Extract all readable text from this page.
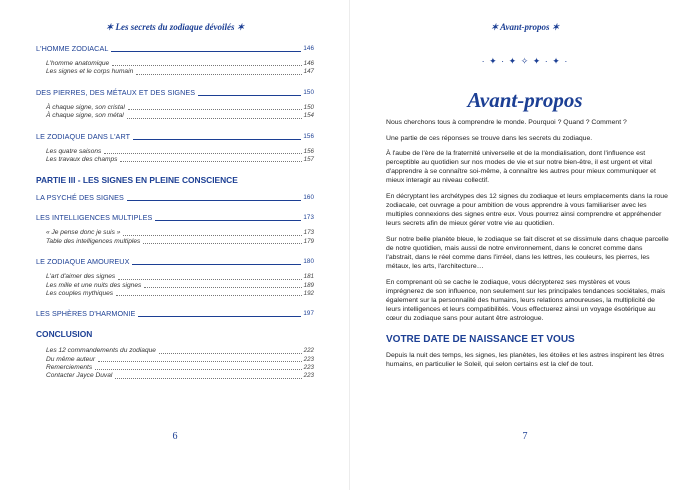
✶ Les secrets du zodiaque dévoilés ✶
L'HOMME ZODIACAL	146
L'homme anatomique	146
Les signes et le corps humain	147
DES PIERRES, DES MÉTAUX ET DES SIGNES	150
À chaque signe, son cristal	150
À chaque signe, son métal	154
LE ZODIAQUE DANS L'ART	156
Les quatre saisons	156
Les travaux des champs	157
PARTIE III - LES SIGNES EN PLEINE CONSCIENCE
LA PSYCHÉ DES SIGNES	160
LES INTELLIGENCES MULTIPLES	173
« Je pense donc je suis »	173
Table des intelligences multiples	179
LE ZODIAQUE AMOUREUX	180
L'art d'aimer des signes	181
Les mille et une nuits des signes	189
Les couples mythiques	192
LES SPHÈRES D'HARMONIE	197
CONCLUSION
Les 12 commandements du zodiaque	222
Du même auteur	223
Remerciements	223
Contacter Jayce Duval	223
6
✶ Avant-propos ✶
· ✦ · ✦ ✧ ✦ · ✦ ·
Avant-propos

Nous cherchons tous à comprendre le monde. Pourquoi ? Quand ? Comment ?

Une partie de ces réponses se trouve dans les secrets du zodiaque.

À l'aube de l'ère de la fraternité universelle et de la mondialisation, dont l'influence est perceptible au quotidien sur nos modes de vie et sur notre bien-être, il est urgent et vital d'apprendre à se connaître soi-même, à connaître les autres pour mieux communiquer et mieux interagir au niveau collectif.

En décryptant les archétypes des 12 signes du zodiaque et leurs emplacements dans la roue zodiacale, cet ouvrage a pour ambition de vous apprendre à vous familiariser avec les multiples connexions des signes entre eux. Vous pourrez ainsi comprendre et appréhender leurs secrets afin de mieux gérer votre vie au quotidien.

Sur notre belle planète bleue, le zodiaque se fait discret et se dissimule dans chaque parcelle de notre quotidien, mais aussi de notre environnement, dans le concret comme dans l'abstrait, dans le réel comme dans l'irréel, dans les lettres, les couleurs, les pierres, les métaux, les arts, l'architecture…

En comprenant où se cache le zodiaque, vous décrypterez ses mystères et vous imprégnerez de son influence, non seulement sur les principales tendances sociétales, mais également sur la personnalité des humains, leurs relations amoureuses, la multiplicité de leurs intelligences et leurs compatibilités. Vous effectuerez ainsi un voyage ésotérique au cœur du zodiaque sans pour autant être astrologue.

VOTRE DATE DE NAISSANCE ET VOUS

Depuis la nuit des temps, les signes, les planètes, les étoiles et les astres inspirent les êtres humains, en particulier le Soleil, qui selon certains est la clef de tout.

7
